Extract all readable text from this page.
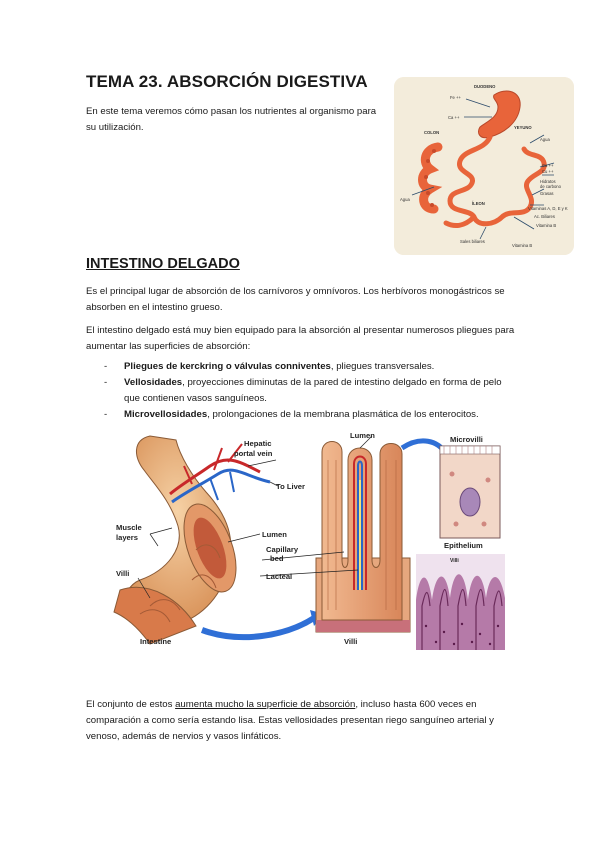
TEMA 23. ABSORCIÓN DIGESTIVA
En este tema veremos cómo pasan los nutrientes al organismo para su utilización.
DUODENO
YEYUNO
COLON
ÍLEON
Fe ++
Ca ++
Agua
Ca ++
Cu ++
Hidratos
de carbono
Grasas
Vitaminas A, D, E y K
Ac. Biliares
Vitamina B
Sales biliares
Agua
Vitamina B
INTESTINO DELGADO
Es el principal lugar de absorción de los carnívoros y omnívoros. Los herbívoros monogástricos se absorben en el intestino grueso.
El intestino delgado está muy bien equipado para la absorción al presentar numerosos pliegues para aumentar las superficies de absorción:
- Pliegues de kerckring o válvulas conniventes, pliegues transversales.
- Vellosidades, proyecciones diminutas de la pared de intestino delgado en forma de pelo que contienen vasos sanguíneos.
- Microvellosidades, prolongaciones de la membrana plasmática de los enterocitos.
Hepatic
portal vein
To Liver
Lumen	Microvilli
Muscle
layers	Lumen
Capillary
bed
Lacteal
Villi
Intestine	Villi
Epithelium
Villi
El conjunto de estos aumenta mucho la superficie de absorción, incluso hasta 600 veces en comparación a como sería estando lisa. Estas vellosidades presentan riego sanguíneo arterial y venoso, además de nervios y vasos linfáticos.
